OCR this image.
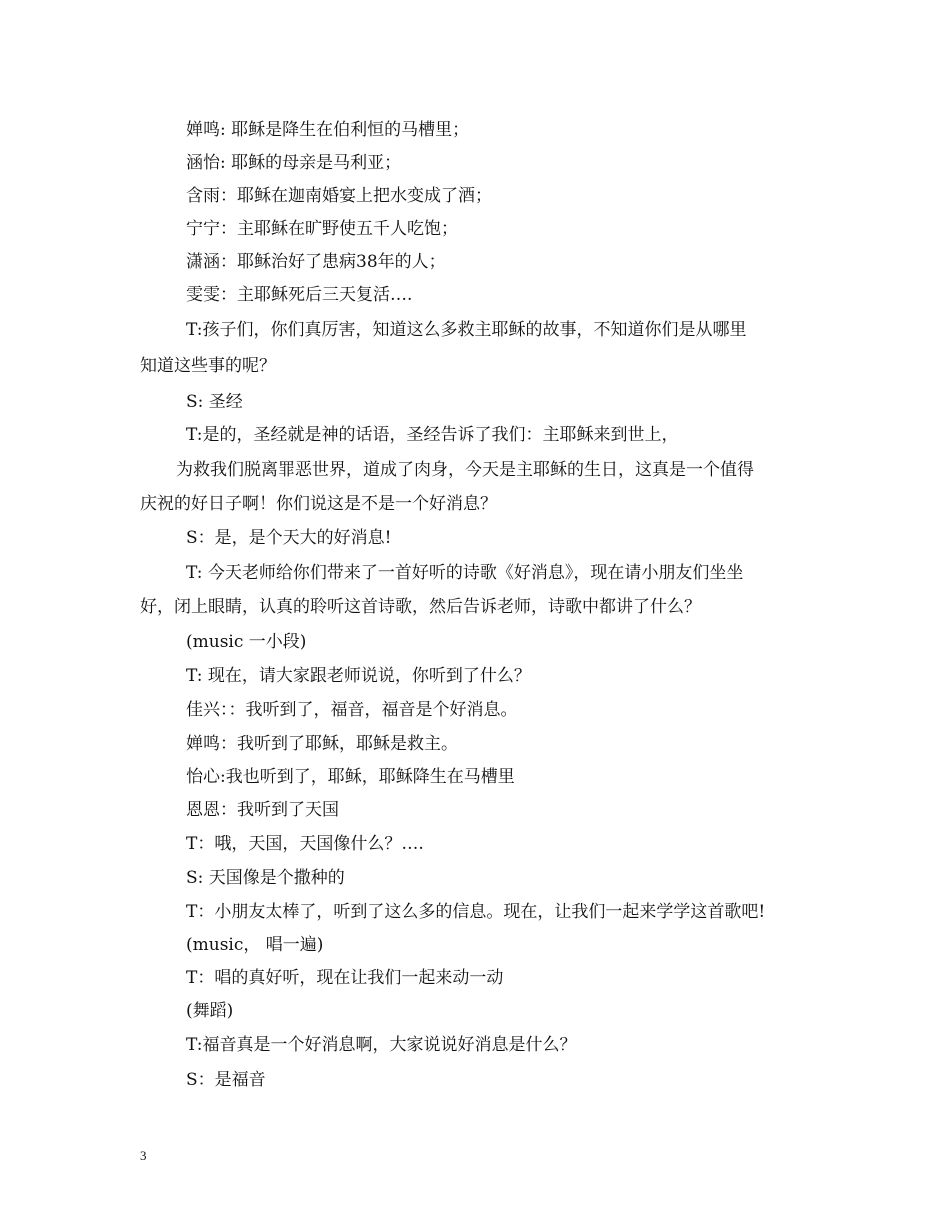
婵鸣: 耶稣是降生在伯利恒的马槽里；
涵怡: 耶稣的母亲是马利亚；
含雨：耶稣在迦南婚宴上把水变成了酒；
宁宁：主耶稣在旷野使五千人吃饱；
潇涵：耶稣治好了患病38年的人；
雯雯：主耶稣死后三天复活….
T:孩子们，你们真厉害，知道这么多救主耶稣的故事，不知道你们是从哪里
知道这些事的呢？
S: 圣经
T:是的，圣经就是神的话语，圣经告诉了我们：主耶稣来到世上，
为救我们脱离罪恶世界，道成了肉身，今天是主耶稣的生日，这真是一个值得
庆祝的好日子啊！你们说这是不是一个好消息？
S：是，是个天大的好消息!
T: 今天老师给你们带来了一首好听的诗歌《好消息》，现在请小朋友们坐坐
好，闭上眼睛，认真的聆听这首诗歌，然后告诉老师，诗歌中都讲了什么？
(music 一小段)
T: 现在，请大家跟老师说说，你听到了什么？
佳兴：：我听到了，福音，福音是个好消息。
婵鸣：我听到了耶稣，耶稣是救主。
怡心:我也听到了，耶稣，耶稣降生在马槽里
恩恩：我听到了天国
T：哦，天国，天国像什么？….
S: 天国像是个撒种的
T：小朋友太棒了，听到了这么多的信息。现在，让我们一起来学学这首歌吧!
(music， 唱一遍)
T：唱的真好听，现在让我们一起来动一动
(舞蹈)
T:福音真是一个好消息啊，大家说说好消息是什么？
S：是福音
3
